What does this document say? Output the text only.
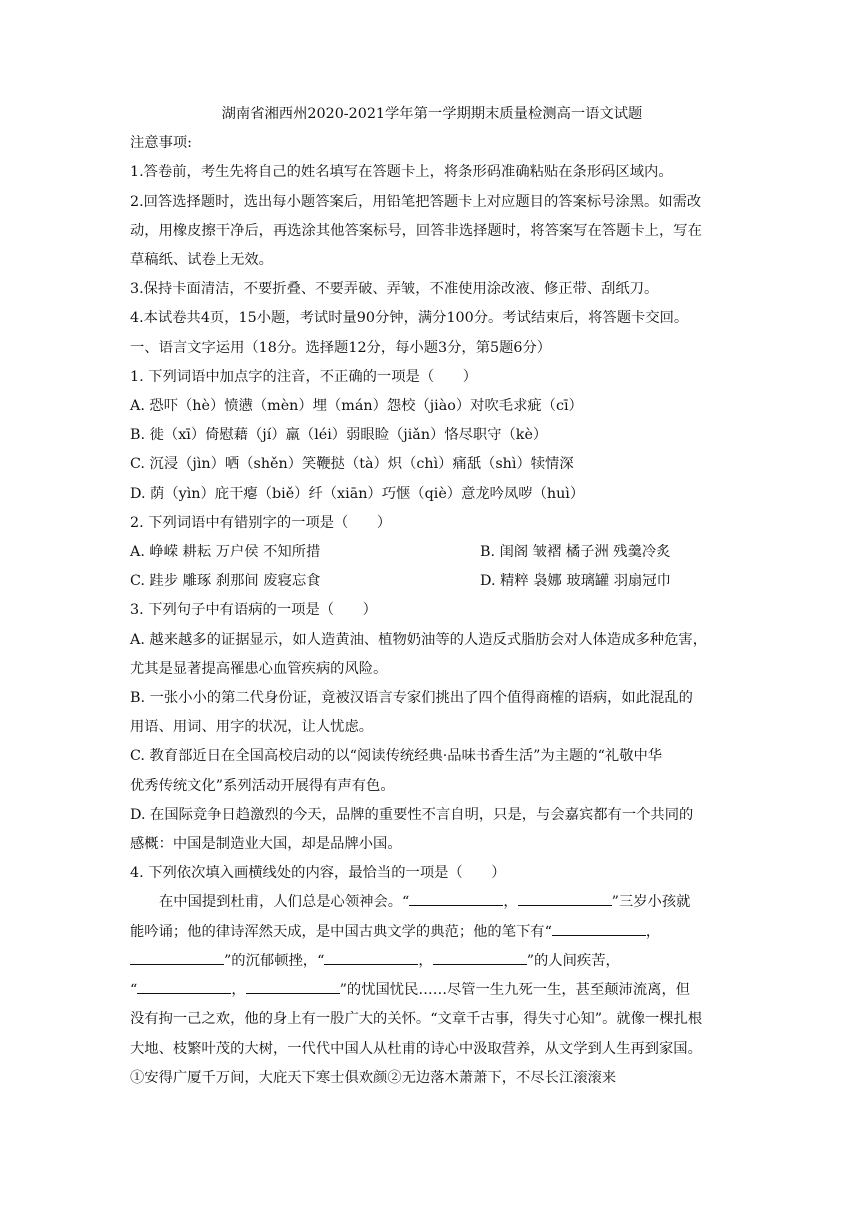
湖南省湘西州2020-2021学年第一学期期末质量检测高一语文试题
注意事项:
1.答卷前，考生先将自己的姓名填写在答题卡上，将条形码准确粘贴在条形码区域内。
2.回答选择题时，选出每小题答案后，用铅笔把答题卡上对应题目的答案标号涂黑。如需改
动，用橡皮擦干净后，再选涂其他答案标号，回答非选择题时，将答案写在答题卡上，写在
草稿纸、试卷上无效。
3.保持卡面清洁，不要折叠、不要弄破、弄皱，不准使用涂改液、修正带、刮纸刀。
4.本试卷共4页，15小题，考试时量90分钟，满分100分。考试结束后，将答题卡交回。
一、语言文字运用（18分。选择题12分，每小题3分，第5题6分）
1. 下列词语中加点字的注音，不正确的一项是（　　）
A. 恐吓（hè）愤懑（mèn）埋（mán）怨校（jiào）对吹毛求疵（cī）
B. 徙（xī）倚慰藉（jí）羸（léi）弱眼睑（jiǎn）恪尽职守（kè）
C. 沉浸（jìn）哂（shěn）笑鞭挞（tà）炽（chì）痛舐（shì）犊情深
D. 荫（yìn）庇干瘪（biě）纤（xiān）巧惬（qiè）意龙吟凤哕（huì）
2. 下列词语中有错别字的一项是（　　）
A. 峥嵘 耕耘 万户侯 不知所措	B. 闺阁 皱褶 橘子洲 残羹冷炙
C. 跬步 雕琢 刹那间 废寝忘食	D. 精粹 袅娜 玻璃罐 羽扇冠巾
3. 下列句子中有语病的一项是（　　）
A. 越来越多的证据显示，如人造黄油、植物奶油等的人造反式脂肪会对人体造成多种危害，
尤其是显著提高罹患心血管疾病的风险。
B. 一张小小的第二代身份证，竟被汉语言专家们挑出了四个值得商榷的语病，如此混乱的
用语、用词、用字的状况，让人忧虑。
C. 教育部近日在全国高校启动的以“阅读传统经典·品味书香生活”为主题的“礼敬中华
优秀传统文化”系列活动开展得有声有色。
D. 在国际竞争日趋激烈的今天，品牌的重要性不言自明，只是，与会嘉宾都有一个共同的
感概：中国是制造业大国，却是品牌小国。
4. 下列依次填入画横线处的内容，最恰当的一项是（　　）
在中国提到杜甫，人们总是心领神会。“	，	”三岁小孩就
能吟诵；他的律诗浑然天成，是中国古典文学的典范；他的笔下有“	，
”的沉郁顿挫，“	，	”的人间疾苦，
“	，	”的忧国忧民……尽管一生九死一生，甚至颠沛流离，但
没有拘一己之欢，他的身上有一股广大的关怀。“文章千古事，得失寸心知”。就像一棵扎根
大地、枝繁叶茂的大树，一代代中国人从杜甫的诗心中汲取营养，从文学到人生再到家国。
①安得广厦千万间，大庇天下寒士俱欢颜②无边落木萧萧下，不尽长江滚滚来
